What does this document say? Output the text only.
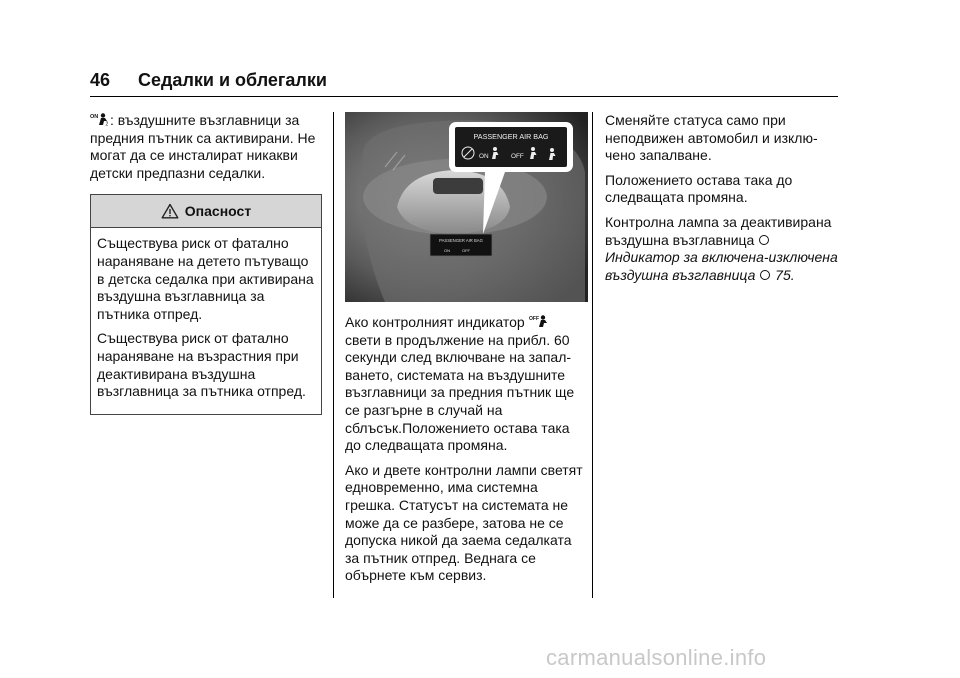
46 Седалки и облегалки

ON
2 : въздушните възглавници за предния пътник са активирани. Не могат да се инсталират никакви детски предпазни седалки.

Опасност

Съществува риск от фатално нараняване на детето пътуващо в детска седалка при активирана въздушна възглавница за пътника отпред.

Съществува риск от фатално нараняване на възрастния при деактивирана въздушна възглавница за пътника отпред.

PASSENGER AIR BAG
ON	OFF
PASSENGER AIR BAG
ON	OFF

Ако контролният индикатор OFF
свети в продължение на прибл. 60 секунди след включване на запалването, системата на въздушните възглавници за предния пътник ще се разгърне в случай на сблъсък.Положението остава така до следващата промяна.

Ако и двете контролни лампи светят едновременно, има системна грешка. Статусът на системата не може да се разбере, затова не се допуска никой да заема седалката за пътник отпред. Веднага се обърнете към сервиз.

Сменяйте статуса само при неподвижен автомобил и изключено запалване.

Положението остава така до следващата промяна.

Контролна лампа за деактивирана въздушна възглавница
Индикатор за включена-изключена въздушна възглавница 75.

carmanualsonline.info
